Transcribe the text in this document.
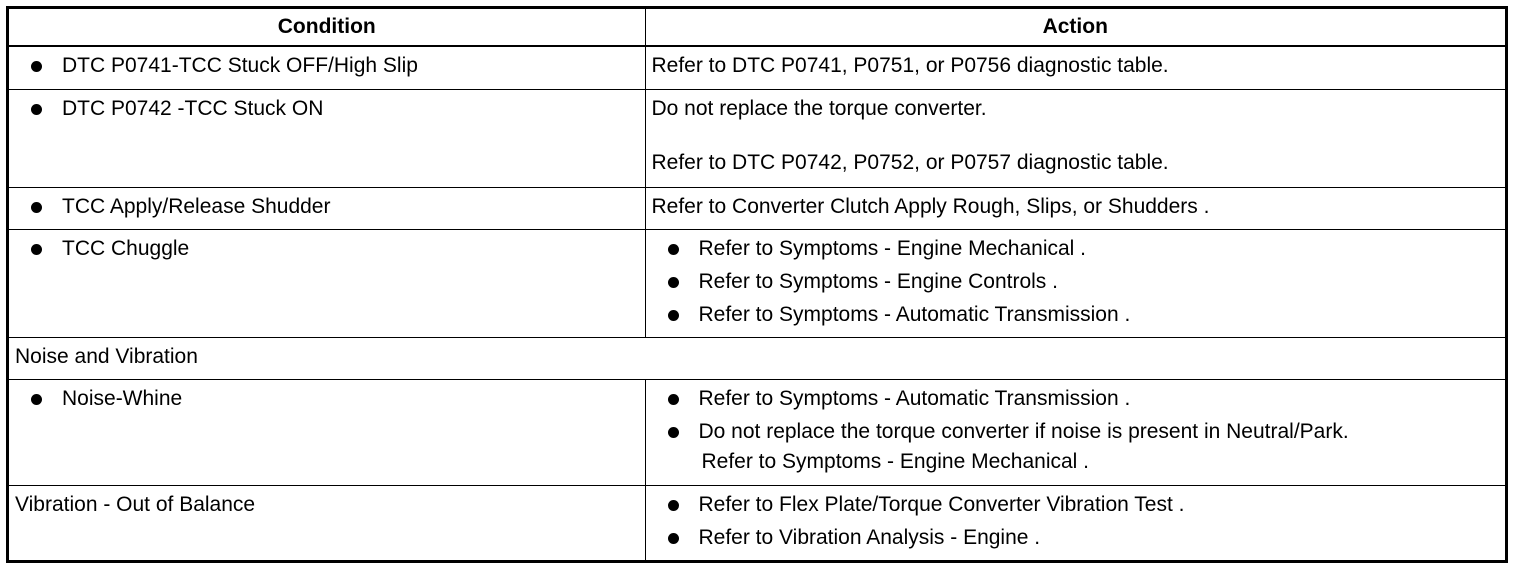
Condition	Action

DTC P0741-TCC Stuck OFF/High Slip	Refer to DTC P0741, P0751, or P0756 diagnostic table.

DTC P0742 -TCC Stuck ON	Do not replace the torque converter.
Refer to DTC P0742, P0752, or P0757 diagnostic table.

TCC Apply/Release Shudder	Refer to Converter Clutch Apply Rough, Slips, or Shudders .

TCC Chuggle	Refer to Symptoms - Engine Mechanical .
Refer to Symptoms - Engine Controls .
Refer to Symptoms - Automatic Transmission .

Noise and Vibration	

Noise-Whine	Refer to Symptoms - Automatic Transmission .
Do not replace the torque converter if noise is present in Neutral/Park.
Refer to Symptoms - Engine Mechanical .

Vibration - Out of Balance	Refer to Flex Plate/Torque Converter Vibration Test .
Refer to Vibration Analysis - Engine .
